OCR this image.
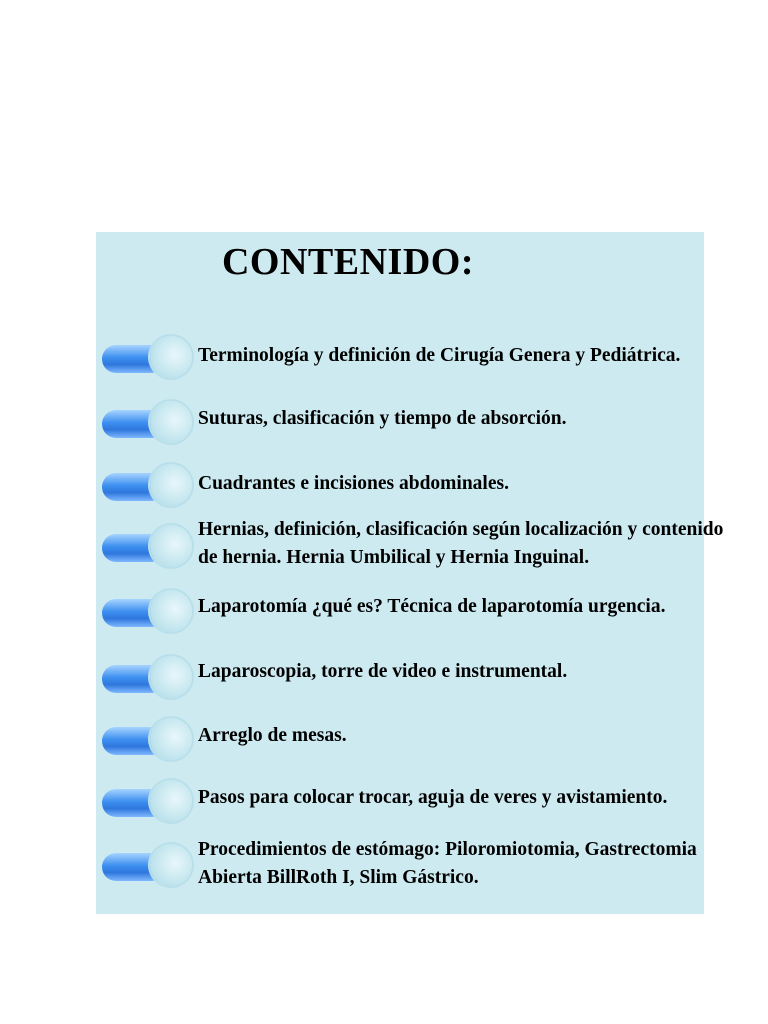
Terminología y definición de Cirugía Genera y Pediátrica.
Suturas, clasificación y tiempo de absorción.
Cuadrantes e incisiones abdominales.
Hernias, definición, clasificación según localización y contenido
de hernia. Hernia Umbilical y Hernia Inguinal.
Laparotomía ¿qué es? Técnica de laparotomía urgencia.
Laparoscopia, torre de video e instrumental.
Arreglo de mesas.
Pasos para colocar trocar, aguja de veres y avistamiento.
Procedimientos de estómago: Piloromiotomia, Gastrectomia
Abierta BillRoth I, Slim Gástrico.
CONTENIDO:
